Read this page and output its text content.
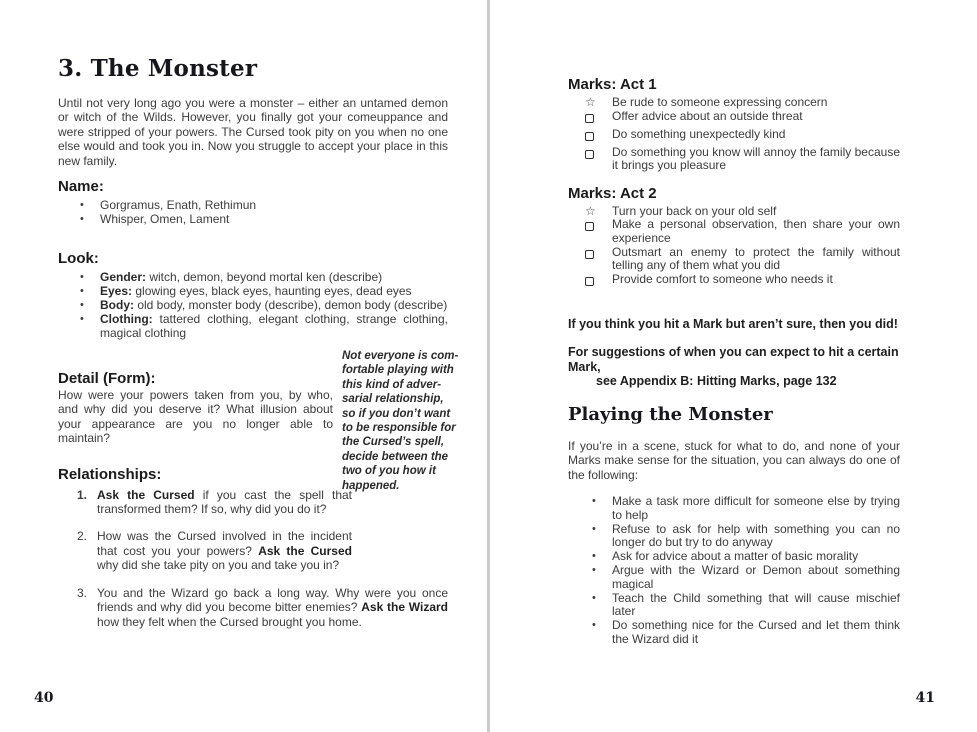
3. The Monster
Until not very long ago you were a monster – either an untamed demon or witch of the Wilds. However, you finally got your comeuppance and were stripped of your powers. The Cursed took pity on you when no one else would and took you in. Now you struggle to accept your place in this new family.
Name:
•	Gorgramus, Enath, Rethimun
•	Whisper, Omen, Lament
Look:
•	Gender: witch, demon, beyond mortal ken (describe)
•	Eyes: glowing eyes, black eyes, haunting eyes, dead eyes
•	Body: old body, monster body (describe), demon body (describe)
•	Clothing: tattered clothing, elegant clothing, strange clothing, magical clothing
Detail (Form):
How were your powers taken from you, by who, and why did you deserve it? What illusion about your appearance are you no longer able to maintain?
Relationships:
1. Ask the Cursed if you cast the spell that transformed them? If so, why did you do it?
2. How was the Cursed involved in the incident that cost you your powers? Ask the Cursed why did she take pity on you and take you in?
3. You and the Wizard go back a long way. Why were you once friends and why did you become bitter enemies? Ask the Wizard how they felt when the Cursed brought you home.
Not everyone is com-
fortable playing with
this kind of adver-
sarial relationship,
so if you don’t want
to be responsible for
the Cursed’s spell,
decide between the
two of you how it
happened.
40
Marks: Act 1
☆	Be rude to someone expressing concern
Offer advice about an outside threat
Do something unexpectedly kind
Do something you know will annoy the family because it brings you pleasure
Marks: Act 2
☆	Turn your back on your old self
Make a personal observation, then share your own experience
Outsmart an enemy to protect the family without telling any of them what you did
Provide comfort to someone who needs it
If you think you hit a Mark but aren’t sure, then you did!
For suggestions of when you can expect to hit a certain Mark,
see Appendix B: Hitting Marks, page 132
Playing the Monster
If you’re in a scene, stuck for what to do, and none of your Marks make sense for the situation, you can always do one of the following:
•	Make a task more difficult for someone else by trying to help
•	Refuse to ask for help with something you can no longer do but try to do anyway
•	Ask for advice about a matter of basic morality
•	Argue with the Wizard or Demon about something magical
•	Teach the Child something that will cause mischief later
•	Do something nice for the Cursed and let them think the Wizard did it
41
